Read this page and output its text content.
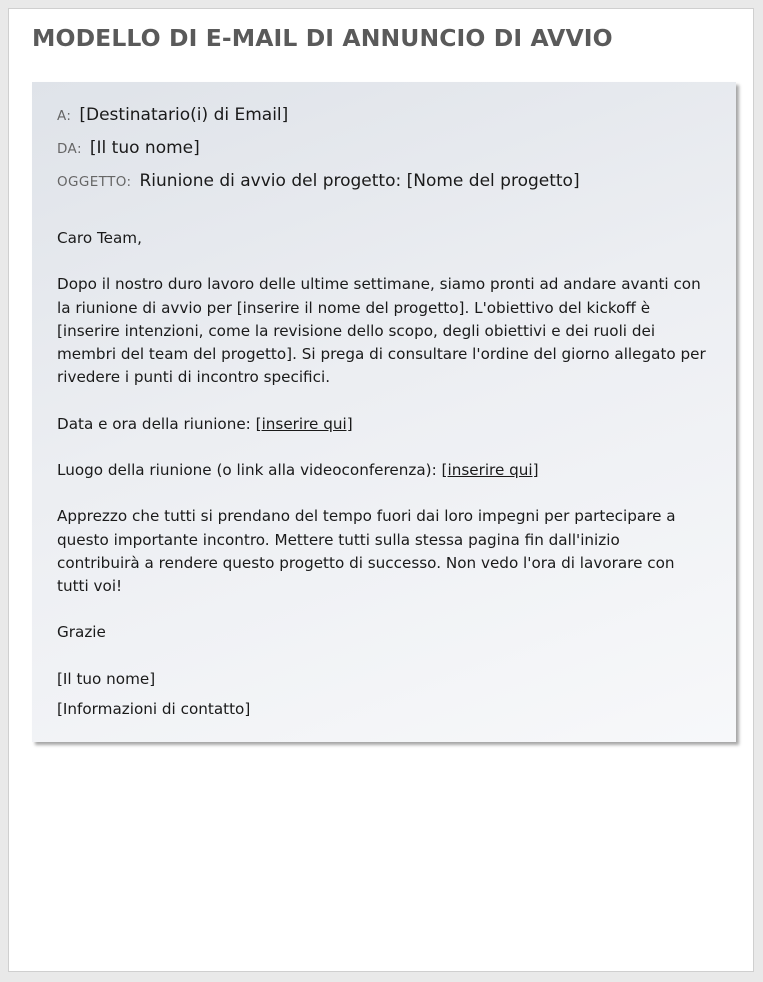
MODELLO DI E-MAIL DI ANNUNCIO DI AVVIO
A: [Destinatario(i) di Email]
DA: [Il tuo nome]
OGGETTO: Riunione di avvio del progetto: [Nome del progetto]

Caro Team,

Dopo il nostro duro lavoro delle ultime settimane, siamo pronti ad andare avanti con la riunione di avvio per [inserire il nome del progetto]. L'obiettivo del kickoff è [inserire intenzioni, come la revisione dello scopo, degli obiettivi e dei ruoli dei membri del team del progetto]. Si prega di consultare l'ordine del giorno allegato per rivedere i punti di incontro specifici.

Data e ora della riunione: [inserire qui]

Luogo della riunione (o link alla videoconferenza): [inserire qui]

Apprezzo che tutti si prendano del tempo fuori dai loro impegni per partecipare a questo importante incontro. Mettere tutti sulla stessa pagina fin dall'inizio contribuirà a rendere questo progetto di successo. Non vedo l'ora di lavorare con tutti voi!

Grazie

[Il tuo nome]

[Informazioni di contatto]
